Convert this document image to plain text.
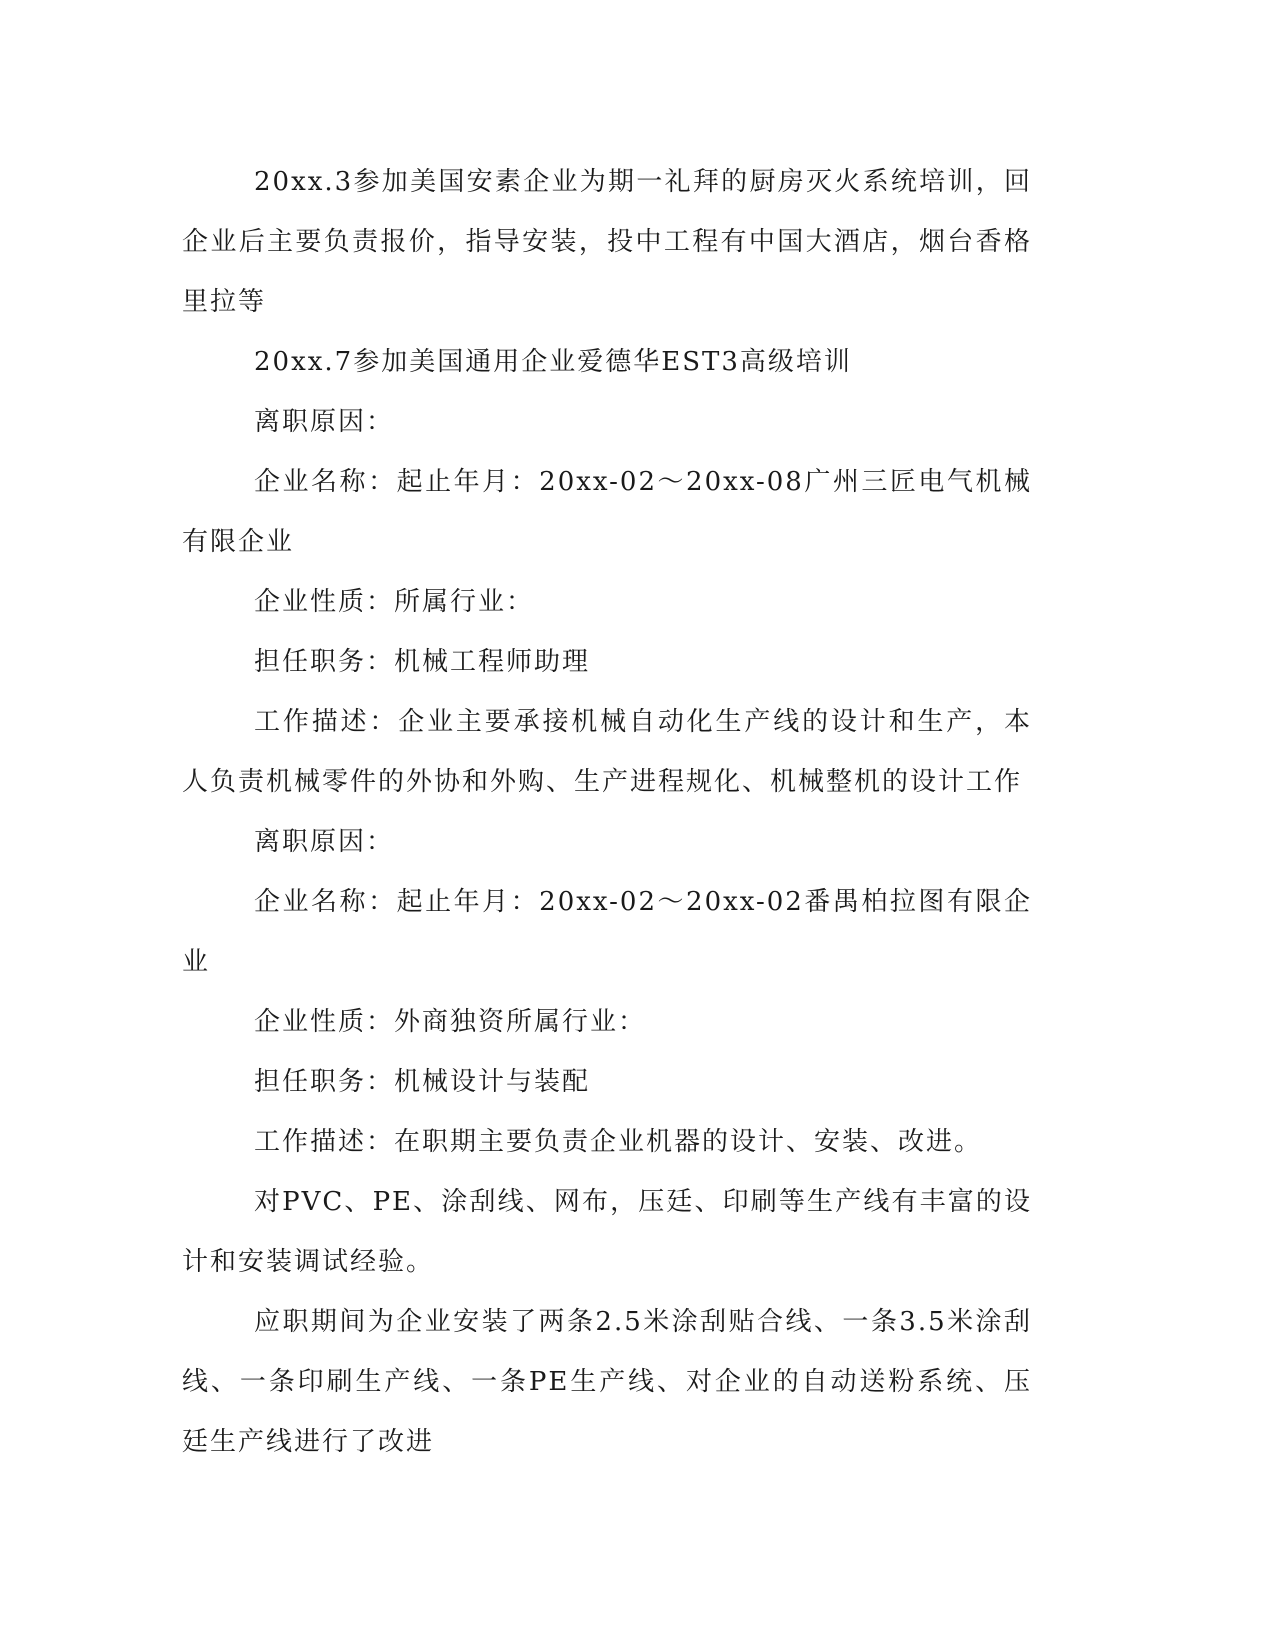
20xx.3参加美国安素企业为期一礼拜的厨房灭火系统培训，回企业后主要负责报价，指导安装，投中工程有中国大酒店，烟台香格里拉等

20xx.7参加美国通用企业爱德华EST3高级培训

离职原因：

企业名称：起止年月：20xx-02～20xx-08广州三匠电气机械有限企业

企业性质：所属行业：

担任职务：机械工程师助理

工作描述：企业主要承接机械自动化生产线的设计和生产，本人负责机械零件的外协和外购、生产进程规化、机械整机的设计工作

离职原因：

企业名称：起止年月：20xx-02～20xx-02番禺柏拉图有限企业

企业性质：外商独资所属行业：

担任职务：机械设计与装配

工作描述：在职期主要负责企业机器的设计、安装、改进。

对PVC、PE、涂刮线、网布，压廷、印刷等生产线有丰富的设计和安装调试经验。

应职期间为企业安装了两条2.5米涂刮贴合线、一条3.5米涂刮线、一条印刷生产线、一条PE生产线、对企业的自动送粉系统、压廷生产线进行了改进
